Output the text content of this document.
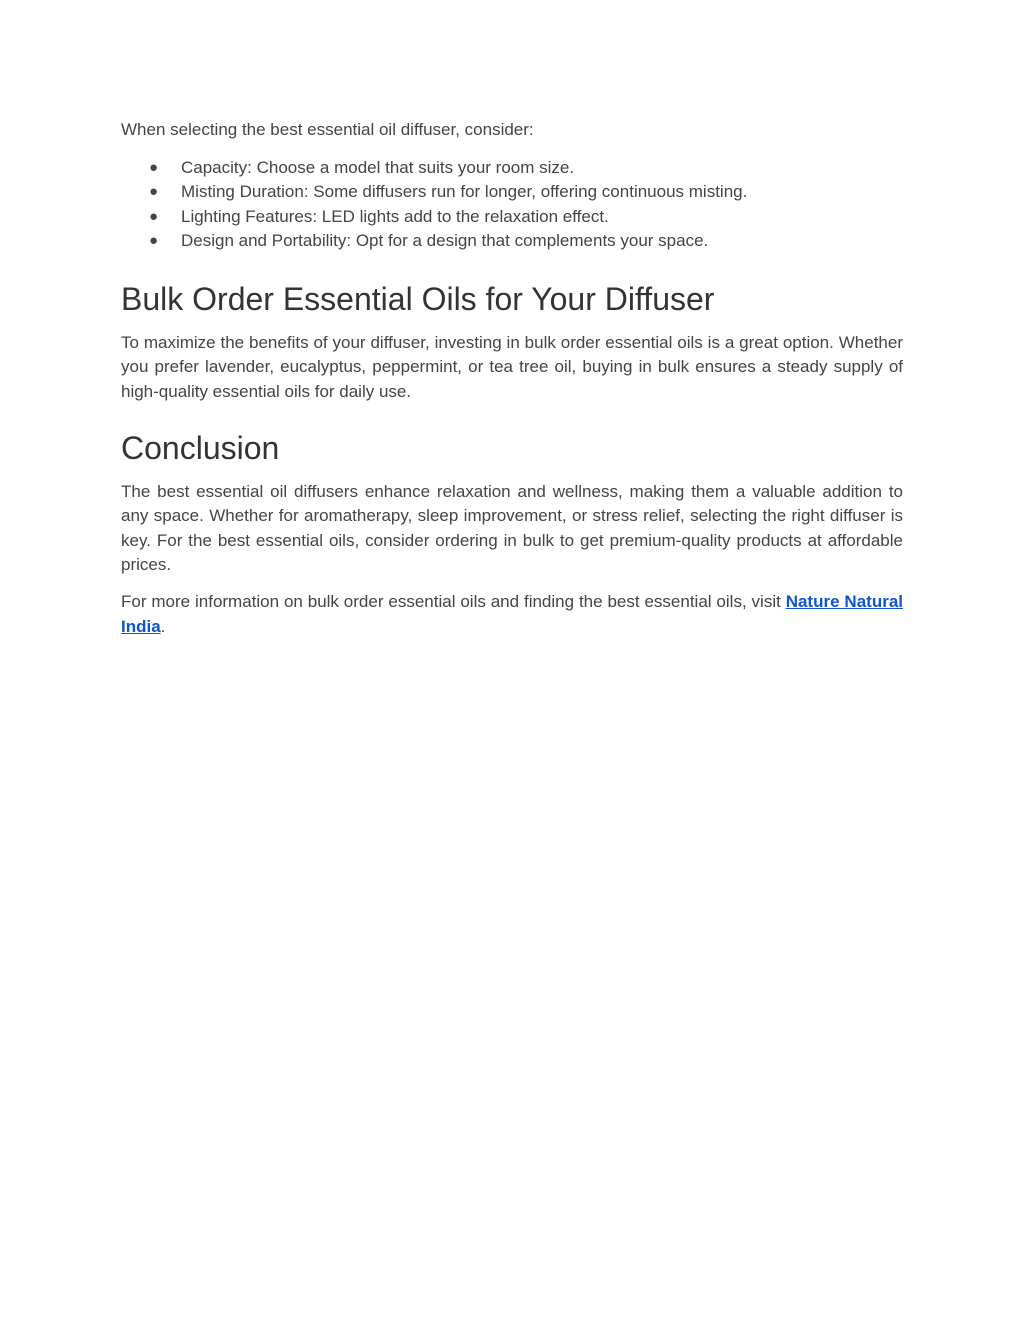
When selecting the best essential oil diffuser, consider:

● Capacity: Choose a model that suits your room size.
● Misting Duration: Some diffusers run for longer, offering continuous misting.
● Lighting Features: LED lights add to the relaxation effect.
● Design and Portability: Opt for a design that complements your space.
Bulk Order Essential Oils for Your Diffuser

To maximize the benefits of your diffuser, investing in bulk order essential oils is a great option. Whether you prefer lavender, eucalyptus, peppermint, or tea tree oil, buying in bulk ensures a steady supply of high-quality essential oils for daily use.

Conclusion

The best essential oil diffusers enhance relaxation and wellness, making them a valuable addition to any space. Whether for aromatherapy, sleep improvement, or stress relief, selecting the right diffuser is key. For the best essential oils, consider ordering in bulk to get premium-quality products at affordable prices.

For more information on bulk order essential oils and finding the best essential oils, visit Nature Natural India.
